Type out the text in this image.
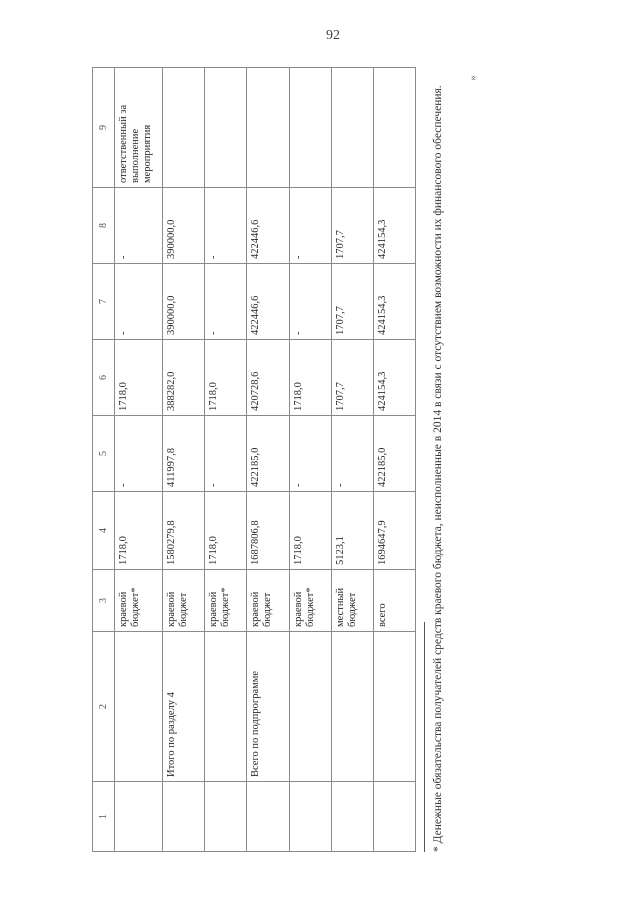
92
»
1	2	3	4	5	6	7	8	9
		краевой бюджет*	1718,0	-	1718,0	-	-	ответственный за выполнение мероприятия
	Итого по разделу 4	краевой бюджет	1580279,8	411997,8	388282,0	390000,0	390000,0	
		краевой бюджет*	1718,0	-	1718,0	-	-	
	Всего по подпрограмме	краевой бюджет	1687806,8	422185,0	420728,6	422446,6	422446,6	
		краевой бюджет*	1718,0	-	1718,0	-	-	
		местный бюджет	5123,1	-	1707,7	1707,7	1707,7	
		всего	1694647,9	422185,0	424154,3	424154,3	424154,3		* Денежные обязательства получателей средств краевого бюджета, неисполненные в 2014 в связи с отсутствием возможности их финансового обеспечения.
